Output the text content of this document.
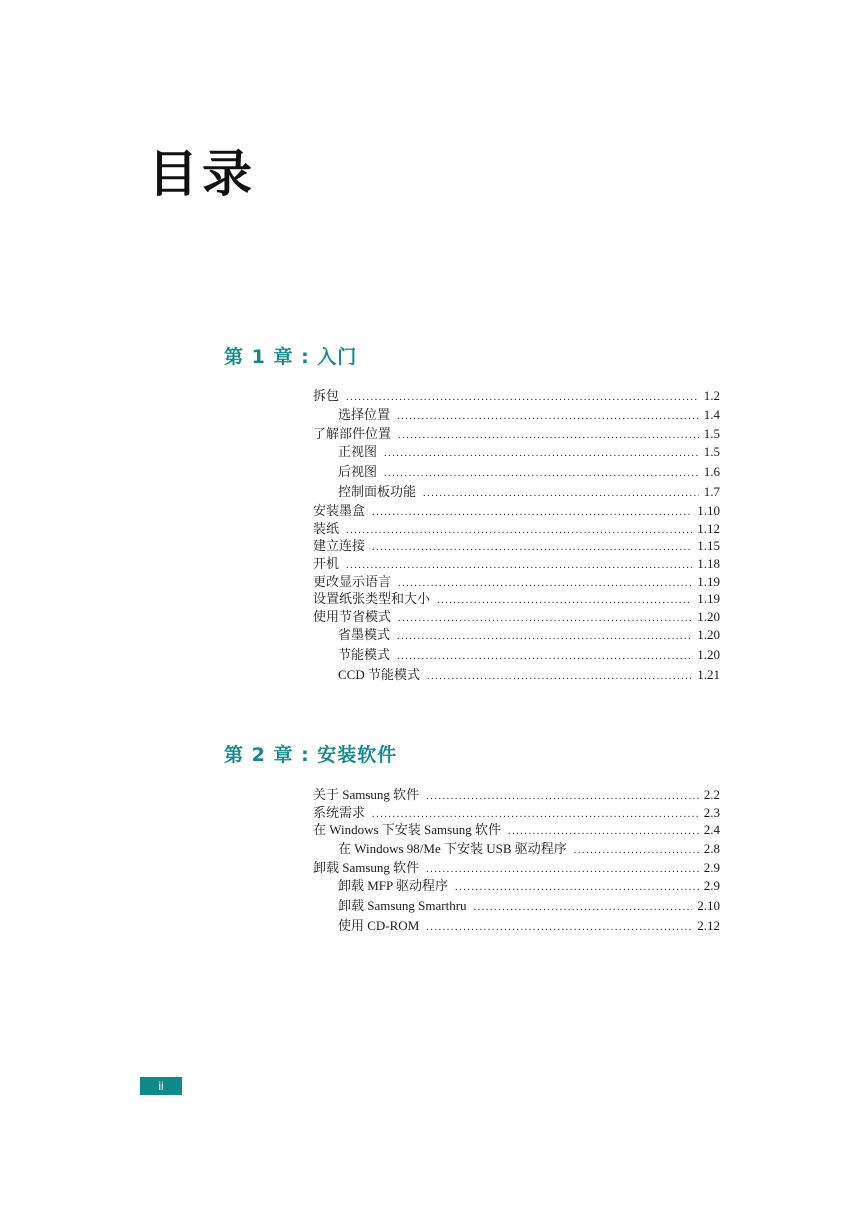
目录
第 1 章 : 入门
拆包 .....	1.2
选择位置 .....	1.4
了解部件位置 .....	1.5
正视图 .....	1.5
后视图 .....	1.6
控制面板功能 .....	1.7
安装墨盒 .....	1.10
装纸 .....	1.12
建立连接 .....	1.15
开机 .....	1.18
更改显示语言 .....	1.19
设置纸张类型和大小 .....	1.19
使用节省模式 .....	1.20
省墨模式 .....	1.20
节能模式 .....	1.20
CCD 节能模式 .....	1.21
第 2 章 : 安装软件
关于 Samsung 软件 .....	2.2
系统需求 .....	2.3
在 Windows 下安装 Samsung 软件 .....	2.4
在 Windows 98/Me 下安装 USB 驱动程序 .....	2.8
卸载 Samsung 软件 .....	2.9
卸载 MFP 驱动程序 .....	2.9
卸载 Samsung Smarthru .....	2.10
使用 CD-ROM .....	2.12
ii
